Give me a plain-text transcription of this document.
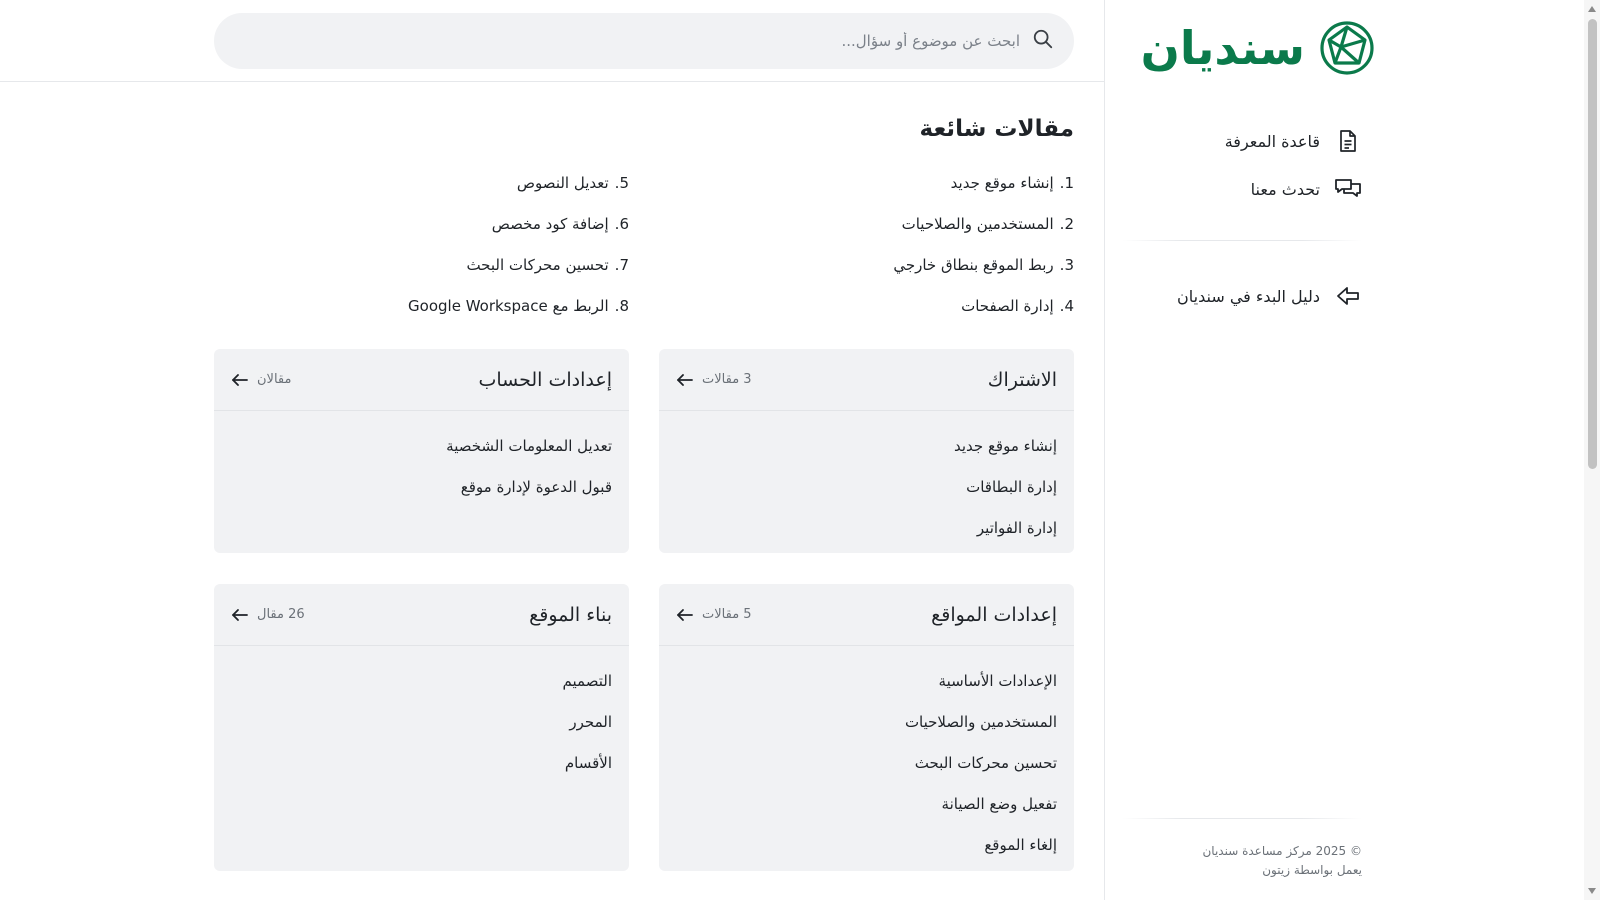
ابحث عن موضوع أو سؤال...
مقالات شائعة
1.
إنشاء موقع جديد
2.
المستخدمين والصلاحيات
3.
ربط الموقع بنطاق خارجي
4.
إدارة الصفحات
5.
تعديل النصوص
6.
إضافة كود مخصص
7.
تحسين محركات البحث
8.
الربط مع Google Workspace
الاشتراك
3 مقالات
إنشاء موقع جديد
إدارة البطاقات
إدارة الفواتير
إعدادات الحساب
مقالان
تعديل المعلومات الشخصية
قبول الدعوة لإدارة موقع
إعدادات المواقع
5 مقالات
الإعدادات الأساسية
المستخدمين والصلاحيات
تحسين محركات البحث
تفعيل وضع الصيانة
إلغاء الموقع
بناء الموقع
26 مقال
التصميم
المحرر
الأقسام
سنديان
قاعدة المعرفة
تحدث معنا
دليل البدء في سنديان
© 2025 مركز مساعدة سنديان
يعمل بواسطة زيتون
